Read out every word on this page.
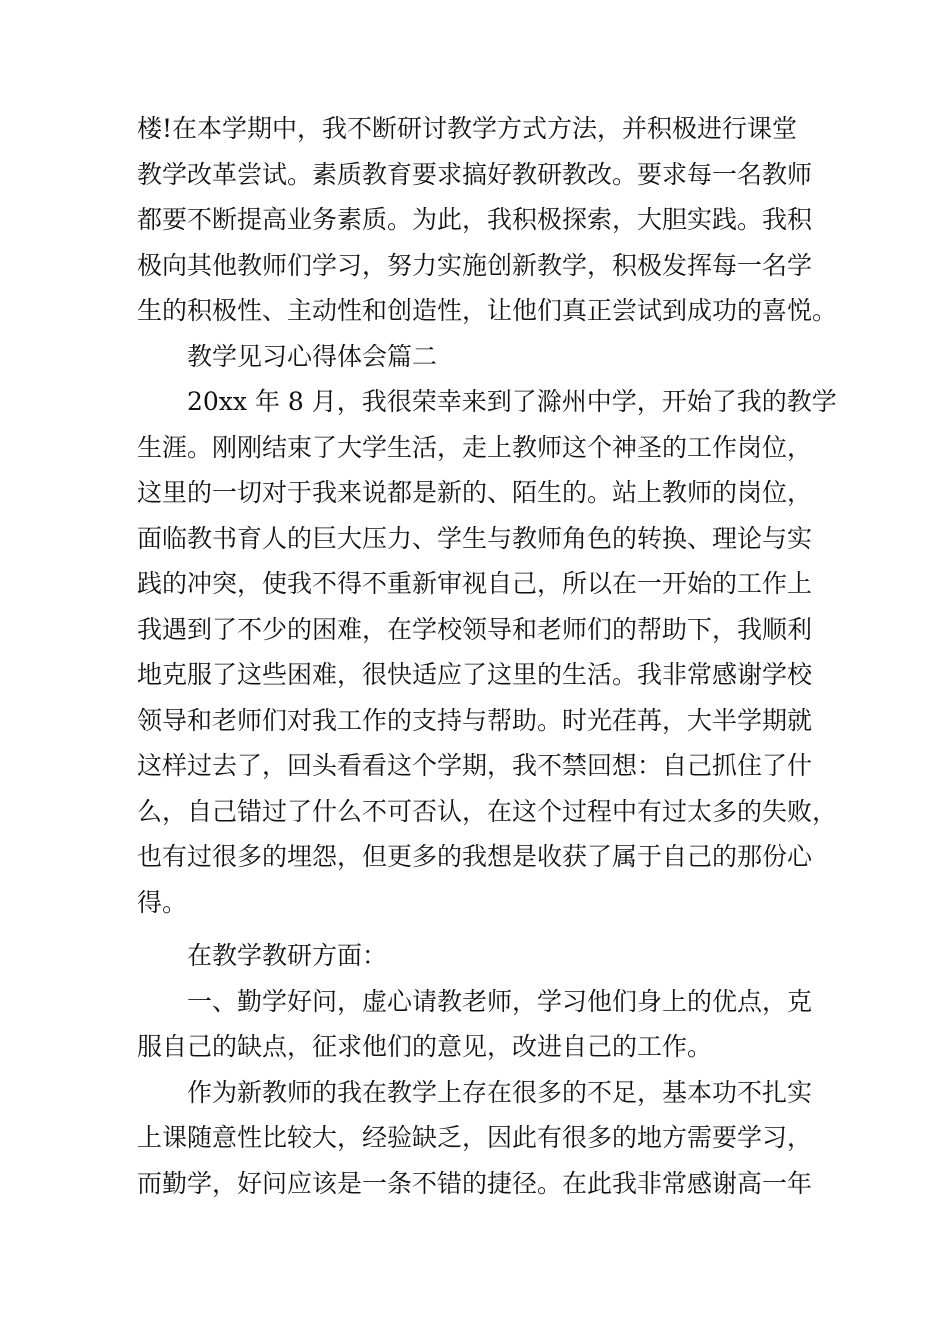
楼!在本学期中，我不断研讨教学方式方法，并积极进行课堂
教学改革尝试。素质教育要求搞好教研教改。要求每一名教师
都要不断提高业务素质。为此，我积极探索，大胆实践。我积
极向其他教师们学习，努力实施创新教学，积极发挥每一名学
生的积极性、主动性和创造性，让他们真正尝试到成功的喜悦。
教学见习心得体会篇二
20xx 年 8 月，我很荣幸来到了滁州中学，开始了我的教学
生涯。刚刚结束了大学生活，走上教师这个神圣的工作岗位，
这里的一切对于我来说都是新的、陌生的。站上教师的岗位，
面临教书育人的巨大压力、学生与教师角色的转换、理论与实
践的冲突，使我不得不重新审视自己，所以在一开始的工作上
我遇到了不少的困难，在学校领导和老师们的帮助下，我顺利
地克服了这些困难，很快适应了这里的生活。我非常感谢学校
领导和老师们对我工作的支持与帮助。时光荏苒，大半学期就
这样过去了，回头看看这个学期，我不禁回想：自己抓住了什
么，自己错过了什么不可否认，在这个过程中有过太多的失败，
也有过很多的埋怨，但更多的我想是收获了属于自己的那份心
得。
在教学教研方面：
一、勤学好问，虚心请教老师，学习他们身上的优点，克
服自己的缺点，征求他们的意见，改进自己的工作。
作为新教师的我在教学上存在很多的不足，基本功不扎实
上课随意性比较大，经验缺乏，因此有很多的地方需要学习，
而勤学，好问应该是一条不错的捷径。在此我非常感谢高一年
